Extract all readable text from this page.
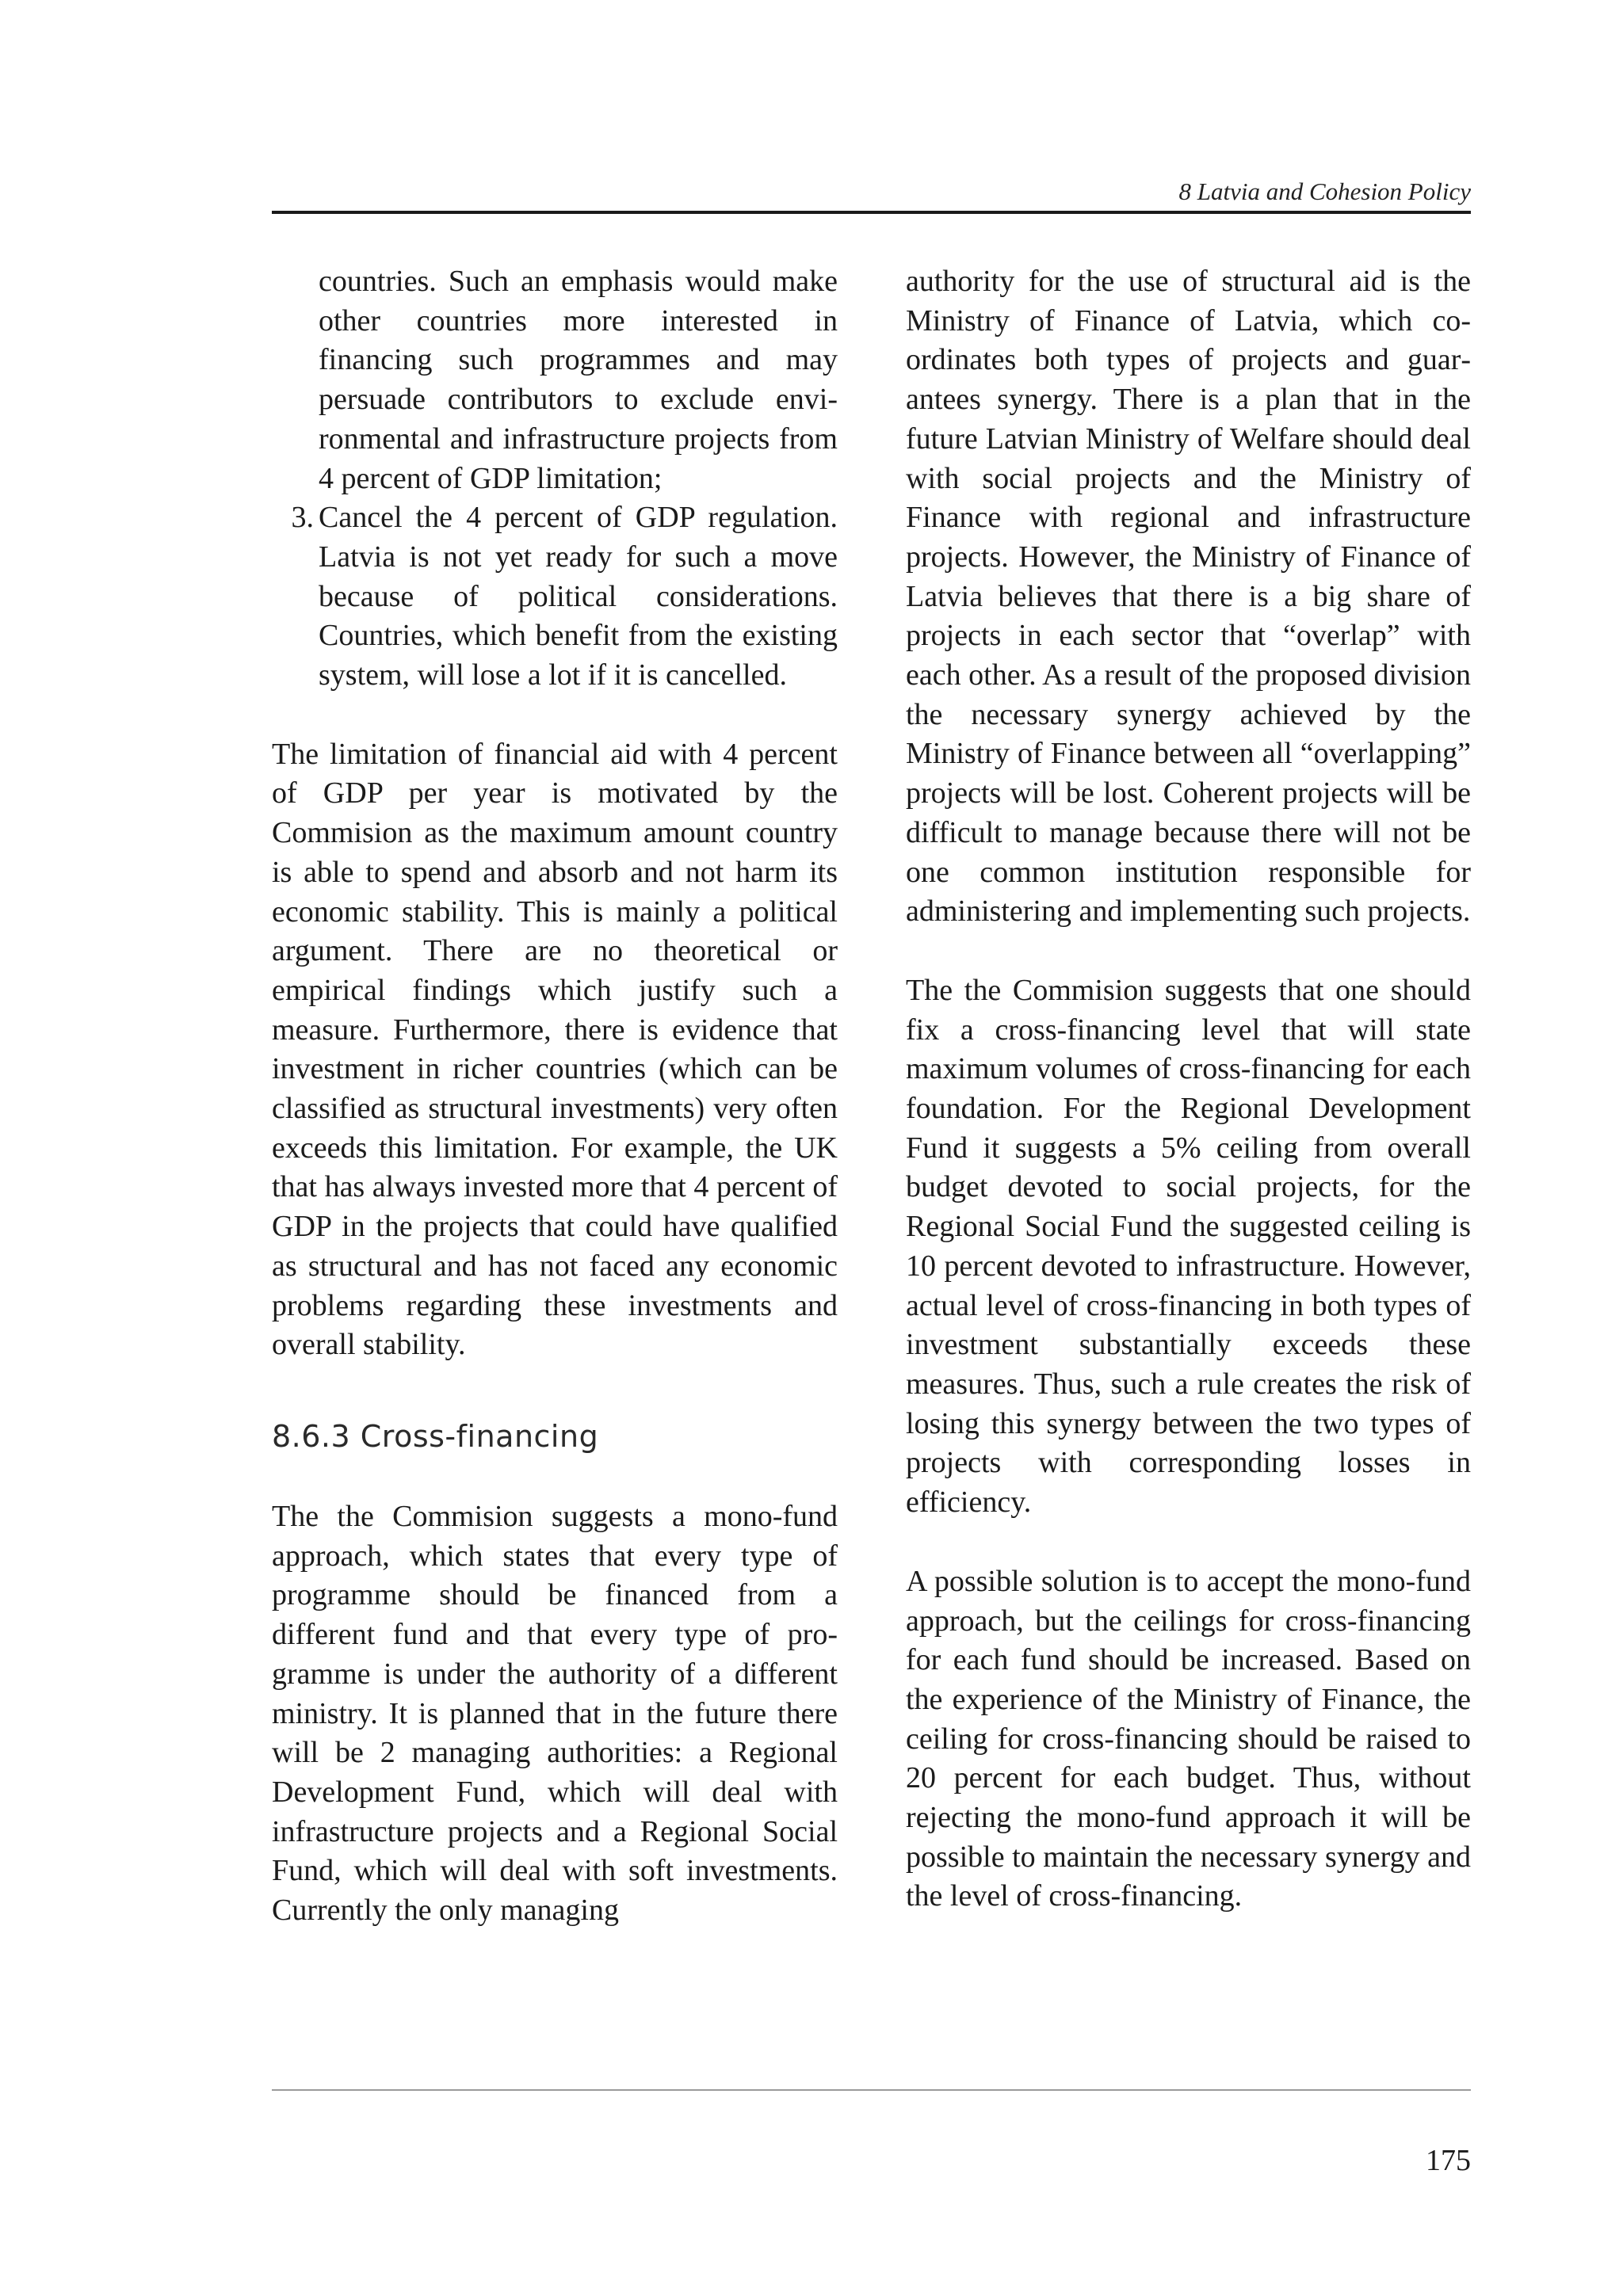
8 Latvia and Cohesion Policy

countries. Such an emphasis would make other countries more interested in financing such programmes and may persuade contributors to exclude environmental and infrastructure projects from 4 percent of GDP limitation;

3. Cancel the 4 percent of GDP regulation. Latvia is not yet ready for such a move because of political considerations. Countries, which benefit from the existing system, will lose a lot if it is cancelled.

The limitation of financial aid with 4 percent of GDP per year is motivated by the Commision as the maximum amount country is able to spend and absorb and not harm its economic stability. This is mainly a political argument. There are no theoretical or empirical findings which justify such a measure. Furthermore, there is evidence that investment in richer countries (which can be classified as structural investments) very often exceeds this limitation. For example, the UK that has always invested more that 4 percent of GDP in the projects that could have qualified as structural and has not faced any economic problems regarding these investments and overall stability.

8.6.3 Cross-financing

The the Commision suggests a mono-fund approach, which states that every type of programme should be financed from a different fund and that every type of programme is under the authority of a different ministry. It is planned that in the future there will be 2 managing authorities: a Regional Development Fund, which will deal with infrastructure projects and a Regional Social Fund, which will deal with soft investments. Currently the only managing

authority for the use of structural aid is the Ministry of Finance of Latvia, which coordinates both types of projects and guarantees synergy. There is a plan that in the future Latvian Ministry of Welfare should deal with social projects and the Ministry of Finance with regional and infrastructure projects. However, the Ministry of Finance of Latvia believes that there is a big share of projects in each sector that “overlap” with each other. As a result of the proposed division the necessary synergy achieved by the Ministry of Finance between all “overlapping” projects will be lost. Coherent projects will be difficult to manage because there will not be one common institution responsible for administering and implementing such projects.

The the Commision suggests that one should fix a cross-financing level that will state maximum volumes of cross-financing for each foundation. For the Regional Development Fund it suggests a 5% ceiling from overall budget devoted to social projects, for the Regional Social Fund the suggested ceiling is 10 percent devoted to infrastructure. However, actual level of cross-financing in both types of investment substantially exceeds these measures. Thus, such a rule creates the risk of losing this synergy between the two types of projects with corresponding losses in efficiency.

A possible solution is to accept the mono-fund approach, but the ceilings for cross-financing for each fund should be increased. Based on the experience of the Ministry of Finance, the ceiling for cross-financing should be raised to 20 percent for each budget. Thus, without rejecting the mono-fund approach it will be possible to maintain the necessary synergy and the level of cross-financing.

175
